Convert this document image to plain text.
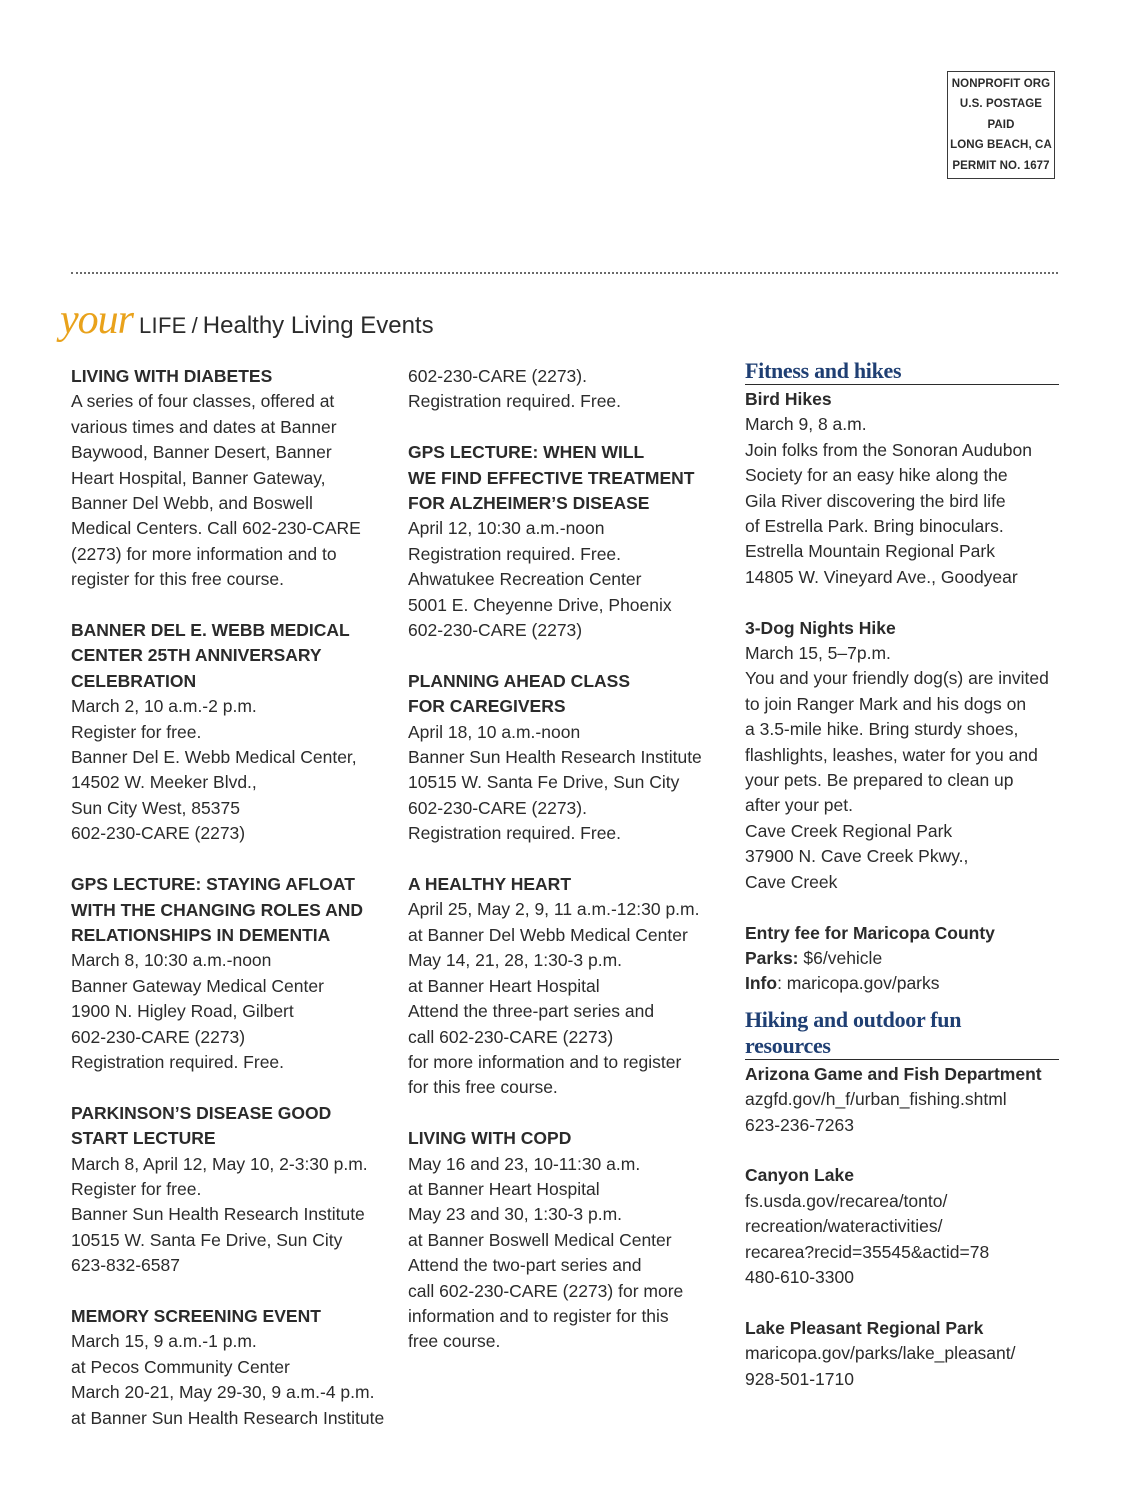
NONPROFIT ORG
U.S. POSTAGE
PAID
LONG BEACH, CA
PERMIT NO. 1677
your LIFE / Healthy Living Events
LIVING WITH DIABETES
A series of four classes, offered at
various times and dates at Banner
Baywood, Banner Desert, Banner
Heart Hospital, Banner Gateway,
Banner Del Webb, and Boswell
Medical Centers. Call 602-230-CARE
(2273) for more information and to
register for this free course.
BANNER DEL E. WEBB MEDICAL
CENTER 25TH ANNIVERSARY
CELEBRATION
March 2, 10 a.m.-2 p.m.
Register for free.
Banner Del E. Webb Medical Center,
14502 W. Meeker Blvd.,
Sun City West, 85375
602-230-CARE (2273)
GPS LECTURE: STAYING AFLOAT
WITH THE CHANGING ROLES AND
RELATIONSHIPS IN DEMENTIA
March 8, 10:30 a.m.-noon
Banner Gateway Medical Center
1900 N. Higley Road, Gilbert
602-230-CARE (2273)
Registration required. Free.
PARKINSON’S DISEASE GOOD
START LECTURE
March 8, April 12, May 10, 2-3:30 p.m.
Register for free.
Banner Sun Health Research Institute
10515 W. Santa Fe Drive, Sun City
623-832-6587
MEMORY SCREENING EVENT
March 15, 9 a.m.-1 p.m.
at Pecos Community Center
March 20-21, May 29-30, 9 a.m.-4 p.m.
at Banner Sun Health Research Institute
602-230-CARE (2273).
Registration required. Free.
GPS LECTURE: WHEN WILL
WE FIND EFFECTIVE TREATMENT
FOR ALZHEIMER’S DISEASE
April 12, 10:30 a.m.-noon
Registration required. Free.
Ahwatukee Recreation Center
5001 E. Cheyenne Drive, Phoenix
602-230-CARE (2273)
PLANNING AHEAD CLASS
FOR CAREGIVERS
April 18, 10 a.m.-noon
Banner Sun Health Research Institute
10515 W. Santa Fe Drive, Sun City
602-230-CARE (2273).
Registration required. Free.
A HEALTHY HEART
April 25, May 2, 9, 11 a.m.-12:30 p.m.
at Banner Del Webb Medical Center
May 14, 21, 28, 1:30-3 p.m.
at Banner Heart Hospital
Attend the three-part series and
call 602-230-CARE (2273)
for more information and to register
for this free course.
LIVING WITH COPD
May 16 and 23, 10-11:30 a.m.
at Banner Heart Hospital
May 23 and 30, 1:30-3 p.m.
at Banner Boswell Medical Center
Attend the two-part series and
call 602-230-CARE (2273) for more
information and to register for this
free course.
Fitness and hikes
Bird Hikes
March 9, 8 a.m.
Join folks from the Sonoran Audubon
Society for an easy hike along the
Gila River discovering the bird life
of Estrella Park. Bring binoculars.
Estrella Mountain Regional Park
14805 W. Vineyard Ave., Goodyear
3-Dog Nights Hike
March 15, 5–7p.m.
You and your friendly dog(s) are invited
to join Ranger Mark and his dogs on
a 3.5-mile hike. Bring sturdy shoes,
flashlights, leashes, water for you and
your pets. Be prepared to clean up
after your pet.
Cave Creek Regional Park
37900 N. Cave Creek Pkwy.,
Cave Creek
Entry fee for Maricopa County
Parks: $6/vehicle
Info: maricopa.gov/parks
Hiking and outdoor fun
resources
Arizona Game and Fish Department
azgfd.gov/h_f/urban_fishing.shtml
623-236-7263
Canyon Lake
fs.usda.gov/recarea/tonto/
recreation/wateractivities/
recarea?recid=35545&actid=78
480-610-3300
Lake Pleasant Regional Park
maricopa.gov/parks/lake_pleasant/
928-501-1710
